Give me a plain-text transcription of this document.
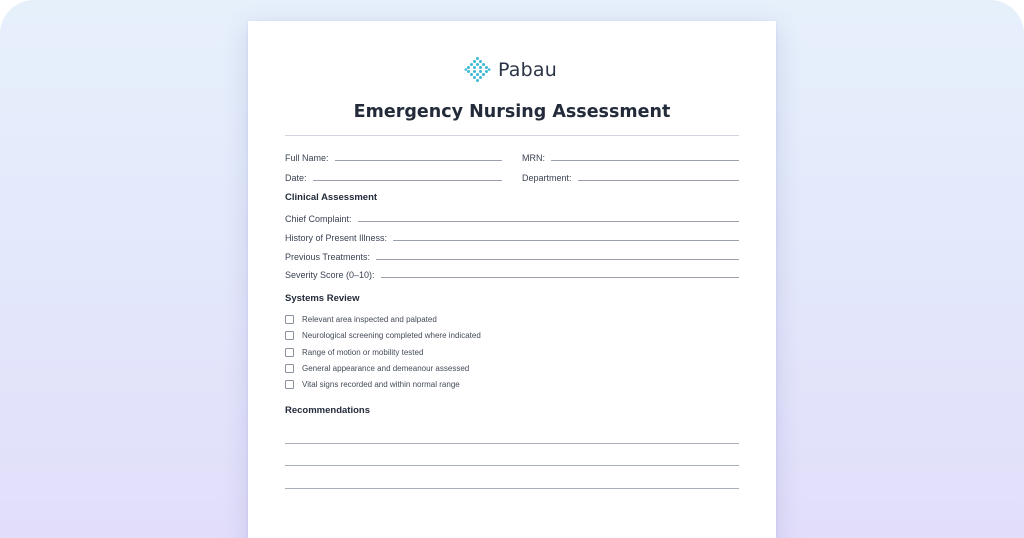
Pabau
Emergency Nursing Assessment
Full Name:	MRN:
Date:	Department:
Clinical Assessment
Chief Complaint:
History of Present Illness:
Previous Treatments:
Severity Score (0–10):
Systems Review
Relevant area inspected and palpated
Neurological screening completed where indicated
Range of motion or mobility tested
General appearance and demeanour assessed
Vital signs recorded and within normal range
Recommendations
